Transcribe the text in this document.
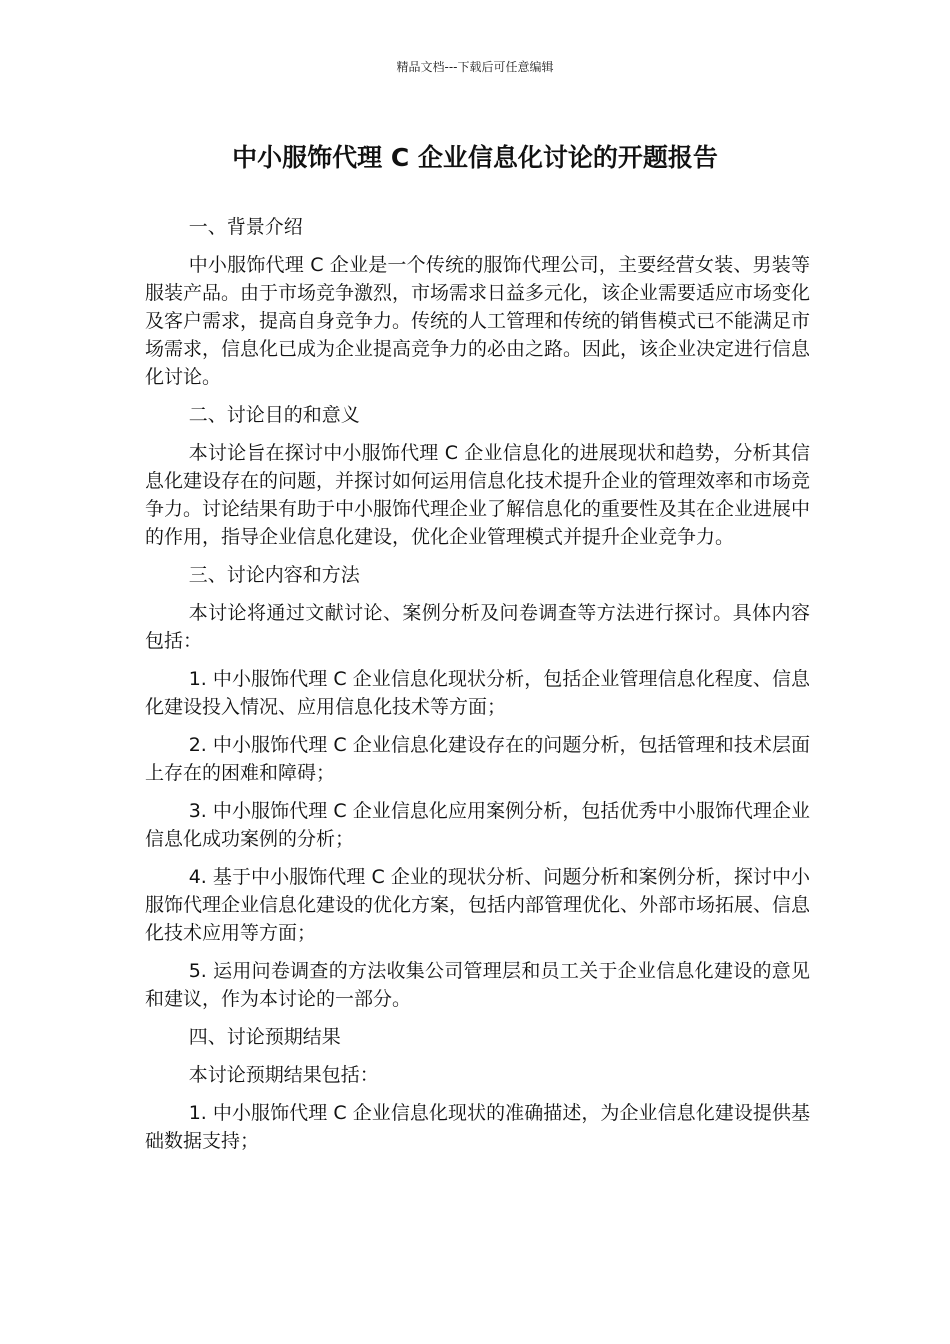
精品文档---下载后可任意编辑
中小服饰代理 C 企业信息化讨论的开题报告

一、背景介绍

中小服饰代理 C 企业是一个传统的服饰代理公司，主要经营女装、男装等服装产品。由于市场竞争激烈，市场需求日益多元化，该企业需要适应市场变化及客户需求，提高自身竞争力。传统的人工管理和传统的销售模式已不能满足市场需求，信息化已成为企业提高竞争力的必由之路。因此，该企业决定进行信息化讨论。

二、讨论目的和意义

本讨论旨在探讨中小服饰代理 C 企业信息化的进展现状和趋势，分析其信息化建设存在的问题，并探讨如何运用信息化技术提升企业的管理效率和市场竞争力。讨论结果有助于中小服饰代理企业了解信息化的重要性及其在企业进展中的作用，指导企业信息化建设，优化企业管理模式并提升企业竞争力。

三、讨论内容和方法

本讨论将通过文献讨论、案例分析及问卷调查等方法进行探讨。具体内容包括：

1. 中小服饰代理 C 企业信息化现状分析，包括企业管理信息化程度、信息化建设投入情况、应用信息化技术等方面；

2. 中小服饰代理 C 企业信息化建设存在的问题分析，包括管理和技术层面上存在的困难和障碍；

3. 中小服饰代理 C 企业信息化应用案例分析，包括优秀中小服饰代理企业信息化成功案例的分析；

4. 基于中小服饰代理 C 企业的现状分析、问题分析和案例分析，探讨中小服饰代理企业信息化建设的优化方案，包括内部管理优化、外部市场拓展、信息化技术应用等方面；

5. 运用问卷调查的方法收集公司管理层和员工关于企业信息化建设的意见和建议，作为本讨论的一部分。

四、讨论预期结果

本讨论预期结果包括：

1. 中小服饰代理 C 企业信息化现状的准确描述，为企业信息化建设提供基础数据支持；
